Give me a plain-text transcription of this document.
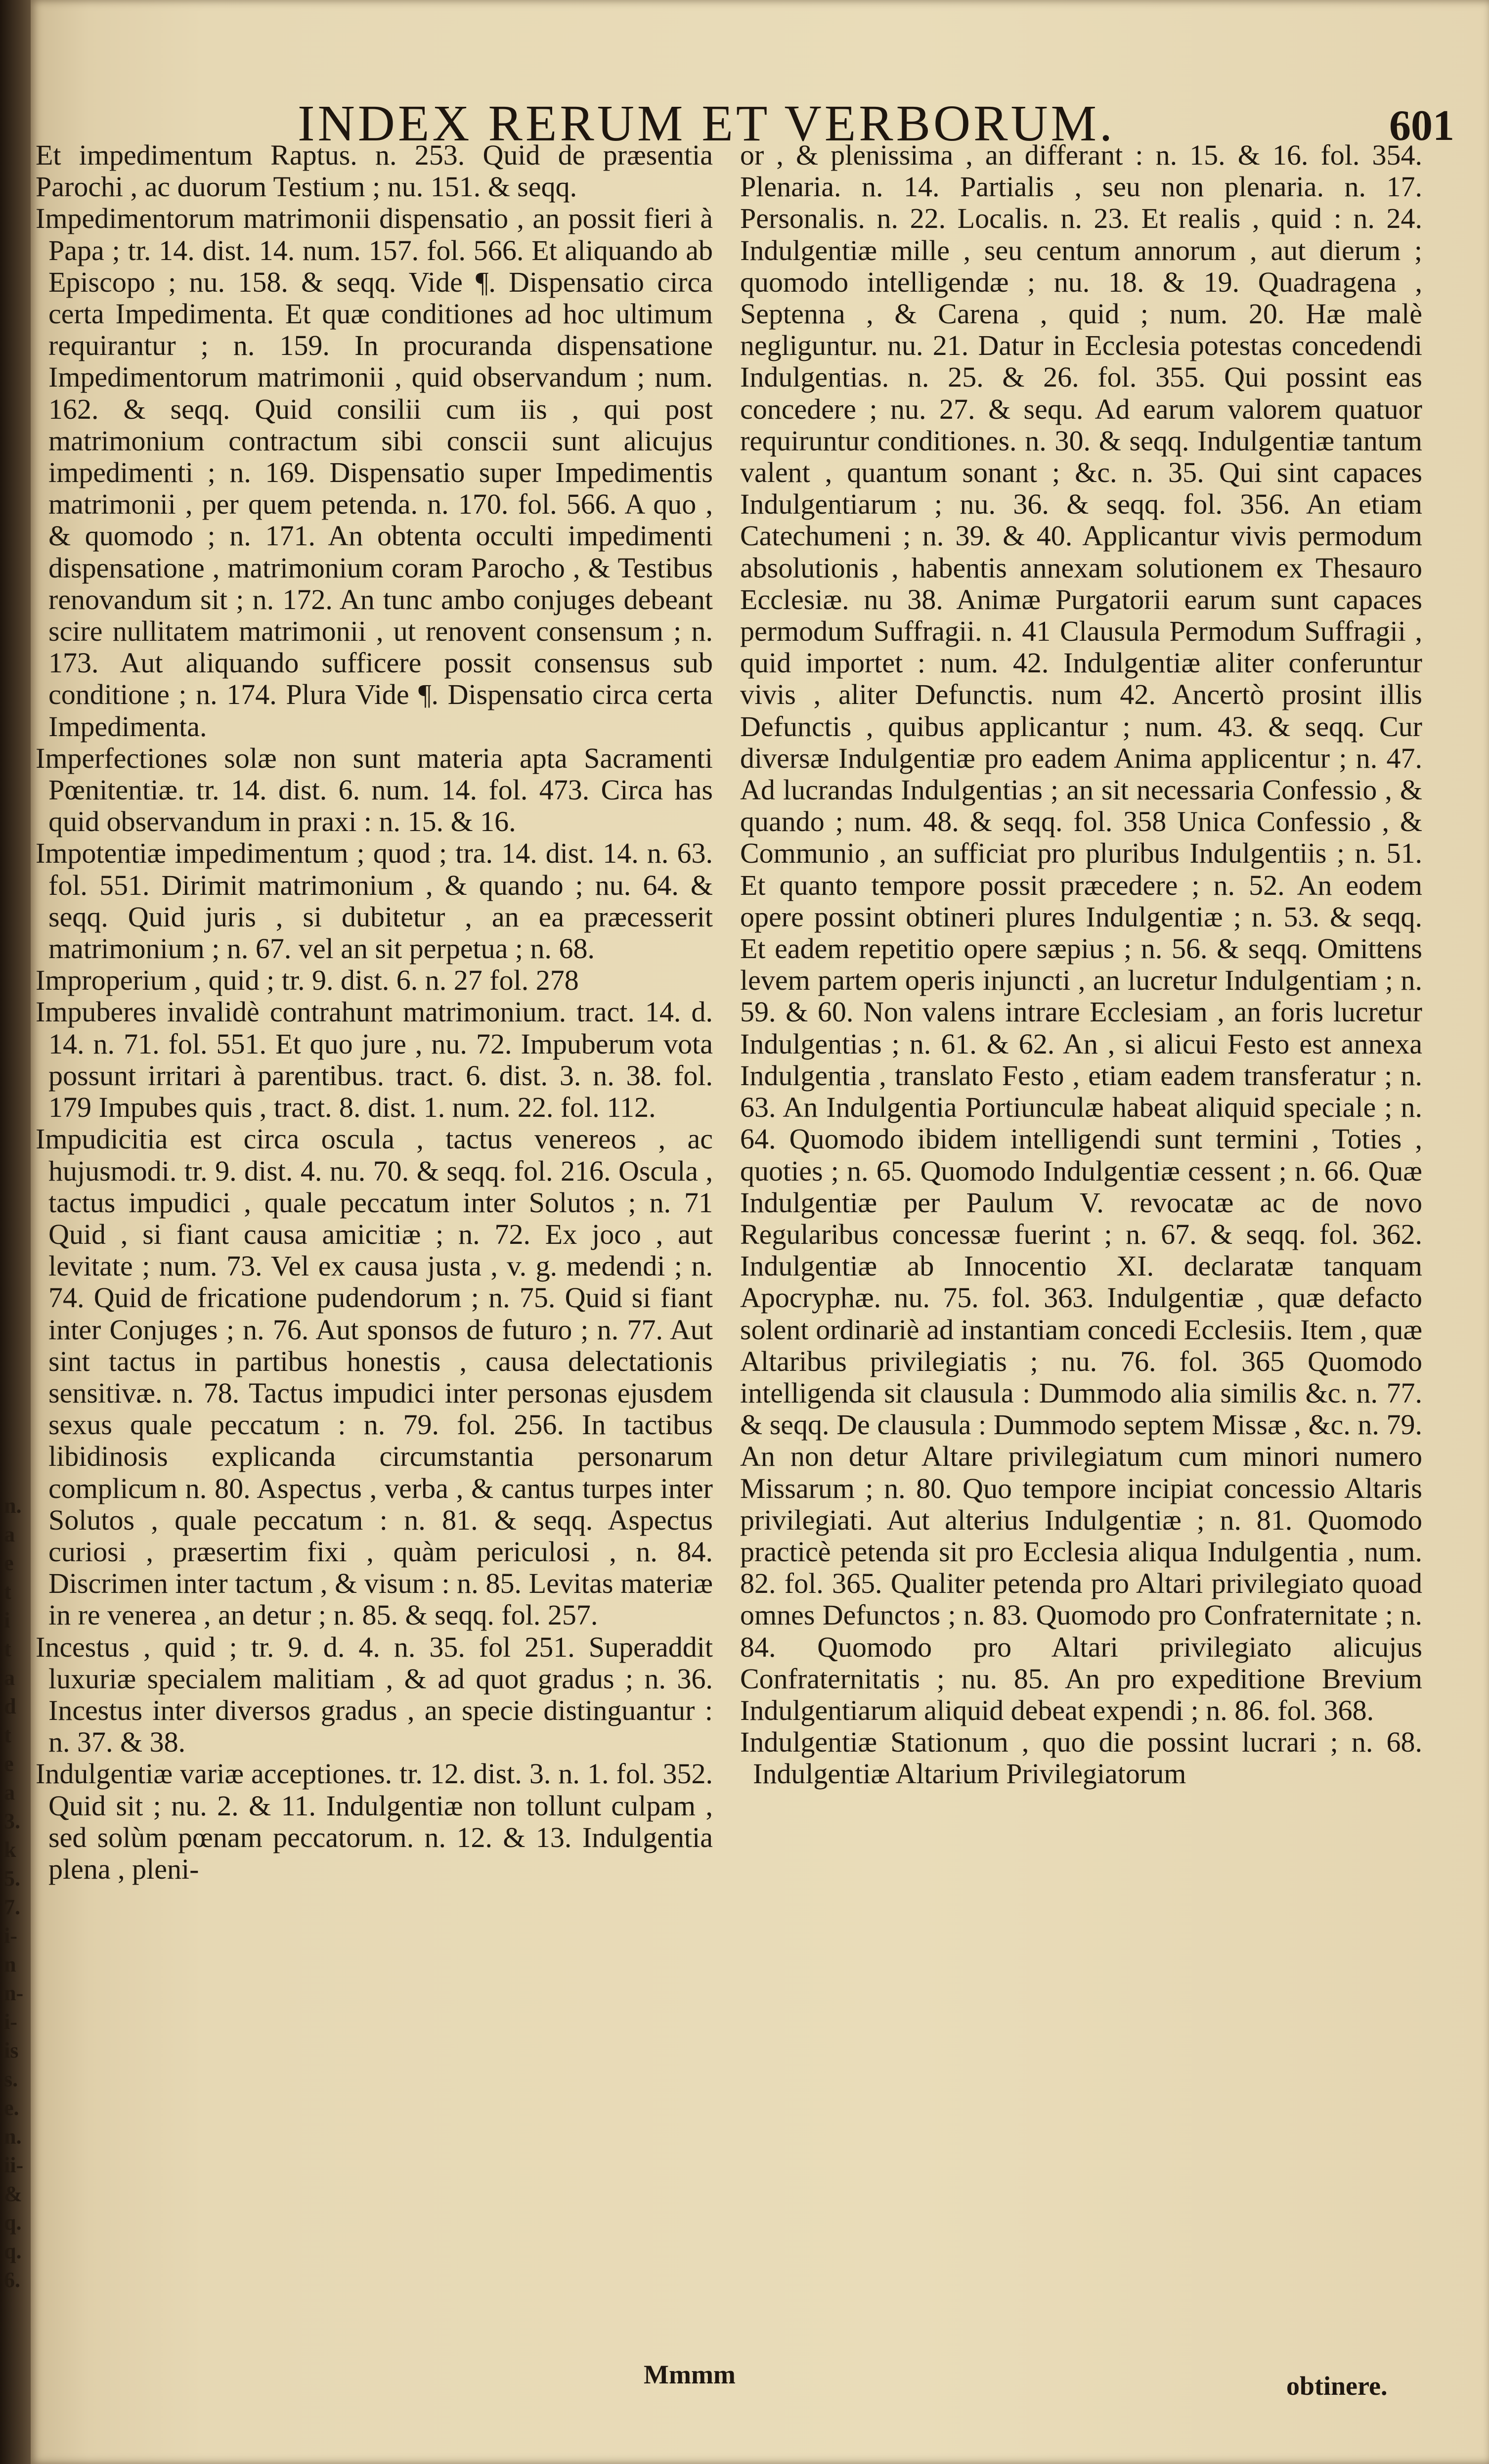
n.
a
e
t
i
t
a
d
t
e
a
3.
k
5.
7.
i-
n
n-
i-
is
s.
e.
n.
ii-
&
q.
q.
6.
INDEX RERUM ET VERBORUM.	601

Et impedimentum Raptus. n. 253. Quid de præsentia Parochi , ac duorum Testium ; nu. 151. & seqq.

Impedimentorum matrimonii dispensatio , an possit fieri à Papa ; tr. 14. dist. 14. num. 157. fol. 566. Et aliquando ab Episcopo ; nu. 158. & seqq. Vide ¶. Dispensatio circa certa Impedimenta. Et quæ conditiones ad hoc ultimum requirantur ; n. 159. In procuranda dispensatione Impedimentorum matrimonii , quid observandum ; num. 162. & seqq. Quid consilii cum iis , qui post matrimonium contractum sibi conscii sunt alicujus impedimenti ; n. 169. Dispensatio super Impedimentis matrimonii , per quem petenda. n. 170. fol. 566. A quo , & quomodo ; n. 171. An obtenta occulti impedimenti dispensatione , matrimonium coram Parocho , & Testibus renovandum sit ; n. 172. An tunc ambo conjuges debeant scire nullitatem matrimonii , ut renovent consensum ; n. 173. Aut aliquando sufficere possit consensus sub conditione ; n. 174. Plura Vide ¶. Dispensatio circa certa Impedimenta.

Imperfectiones solæ non sunt materia apta Sacramenti Pœnitentiæ. tr. 14. dist. 6. num. 14. fol. 473. Circa has quid observandum in praxi : n. 15. & 16.

Impotentiæ impedimentum ; quod ; tra. 14. dist. 14. n. 63. fol. 551. Dirimit matrimonium , & quando ; nu. 64. & seqq. Quid juris , si dubitetur , an ea præcesserit matrimonium ; n. 67. vel an sit perpetua ; n. 68.

Improperium , quid ; tr. 9. dist. 6. n. 27 fol. 278

Impuberes invalidè contrahunt matrimonium. tract. 14. d. 14. n. 71. fol. 551. Et quo jure , nu. 72. Impuberum vota possunt irritari à parentibus. tract. 6. dist. 3. n. 38. fol. 179 Impubes quis , tract. 8. dist. 1. num. 22. fol. 112.

Impudicitia est circa oscula , tactus venereos , ac hujusmodi. tr. 9. dist. 4. nu. 70. & seqq. fol. 216. Oscula , tactus impudici , quale peccatum inter Solutos ; n. 71 Quid , si fiant causa amicitiæ ; n. 72. Ex joco , aut levitate ; num. 73. Vel ex causa justa , v. g. medendi ; n. 74. Quid de fricatione pudendorum ; n. 75. Quid si fiant inter Conjuges ; n. 76. Aut sponsos de futuro ; n. 77. Aut sint tactus in partibus honestis , causa delectationis sensitivæ. n. 78. Tactus impudici inter personas ejusdem sexus quale peccatum : n. 79. fol. 256. In tactibus libidinosis explicanda circumstantia personarum complicum n. 80. Aspectus , verba , & cantus turpes inter Solutos , quale peccatum : n. 81. & seqq. Aspectus curiosi , præsertim fixi , quàm periculosi , n. 84. Discrimen inter tactum , & visum : n. 85. Levitas materiæ in re venerea , an detur ; n. 85. & seqq. fol. 257.

Incestus , quid ; tr. 9. d. 4. n. 35. fol 251. Superaddit luxuriæ specialem malitiam , & ad quot gradus ; n. 36. Incestus inter diversos gradus , an specie distinguantur : n. 37. & 38.

Indulgentiæ variæ acceptiones. tr. 12. dist. 3. n. 1. fol. 352. Quid sit ; nu. 2. & 11. Indulgentiæ non tollunt culpam , sed solùm pœnam peccatorum. n. 12. & 13. Indulgentia plena , pleni-

or , & plenissima , an differant : n. 15. & 16. fol. 354. Plenaria. n. 14. Partialis , seu non plenaria. n. 17. Personalis. n. 22. Localis. n. 23. Et realis , quid : n. 24. Indulgentiæ mille , seu centum annorum , aut dierum ; quomodo intelligendæ ; nu. 18. & 19. Quadragena , Septenna , & Carena , quid ; num. 20. Hæ malè negliguntur. nu. 21. Datur in Ecclesia potestas concedendi Indulgentias. n. 25. & 26. fol. 355. Qui possint eas concedere ; nu. 27. & sequ. Ad earum valorem quatuor requiruntur conditiones. n. 30. & seqq. Indulgentiæ tantum valent , quantum sonant ; &c. n. 35. Qui sint capaces Indulgentiarum ; nu. 36. & seqq. fol. 356. An etiam Catechumeni ; n. 39. & 40. Applicantur vivis permodum absolutionis , habentis annexam solutionem ex Thesauro Ecclesiæ. nu 38. Animæ Purgatorii earum sunt capaces permodum Suffragii. n. 41 Clausula Permodum Suffragii , quid importet : num. 42. Indulgentiæ aliter conferuntur vivis , aliter Defunctis. num 42. Ancertò prosint illis Defunctis , quibus applicantur ; num. 43. & seqq. Cur diversæ Indulgentiæ pro eadem Anima applicentur ; n. 47. Ad lucrandas Indulgentias ; an sit necessaria Confessio , & quando ; num. 48. & seqq. fol. 358 Unica Confessio , & Communio , an sufficiat pro pluribus Indulgentiis ; n. 51. Et quanto tempore possit præcedere ; n. 52. An eodem opere possint obtineri plures Indulgentiæ ; n. 53. & seqq. Et eadem repetitio opere sæpius ; n. 56. & seqq. Omittens levem partem operis injuncti , an lucretur Indulgentiam ; n. 59. & 60. Non valens intrare Ecclesiam , an foris lucretur Indulgentias ; n. 61. & 62. An , si alicui Festo est annexa Indulgentia , translato Festo , etiam eadem transferatur ; n. 63. An Indulgentia Portiunculæ habeat aliquid speciale ; n. 64. Quomodo ibidem intelligendi sunt termini , Toties , quoties ; n. 65. Quomodo Indulgentiæ cessent ; n. 66. Quæ Indulgentiæ per Paulum V. revocatæ ac de novo Regularibus concessæ fuerint ; n. 67. & seqq. fol. 362. Indulgentiæ ab Innocentio XI. declaratæ tanquam Apocryphæ. nu. 75. fol. 363. Indulgentiæ , quæ defacto solent ordinariè ad instantiam concedi Ecclesiis. Item , quæ Altaribus privilegiatis ; nu. 76. fol. 365 Quomodo intelligenda sit clausula : Dummodo alia similis &c. n. 77. & seqq. De clausula : Dummodo septem Missæ , &c. n. 79. An non detur Altare privilegiatum cum minori numero Missarum ; n. 80. Quo tempore incipiat concessio Altaris privilegiati. Aut alterius Indulgentiæ ; n. 81. Quomodo practicè petenda sit pro Ecclesia aliqua Indulgentia , num. 82. fol. 365. Qualiter petenda pro Altari privilegiato quoad omnes Defunctos ; n. 83. Quomodo pro Confraternitate ; n. 84. Quomodo pro Altari privilegiato alicujus Confraternitatis ; nu. 85. An pro expeditione Brevium Indulgentiarum aliquid debeat expendi ; n. 86. fol. 368.

Indulgentiæ Stationum , quo die possint lucrari ; n. 68. Indulgentiæ Altarium Privilegiatorum

Mmmm	obtinere.
